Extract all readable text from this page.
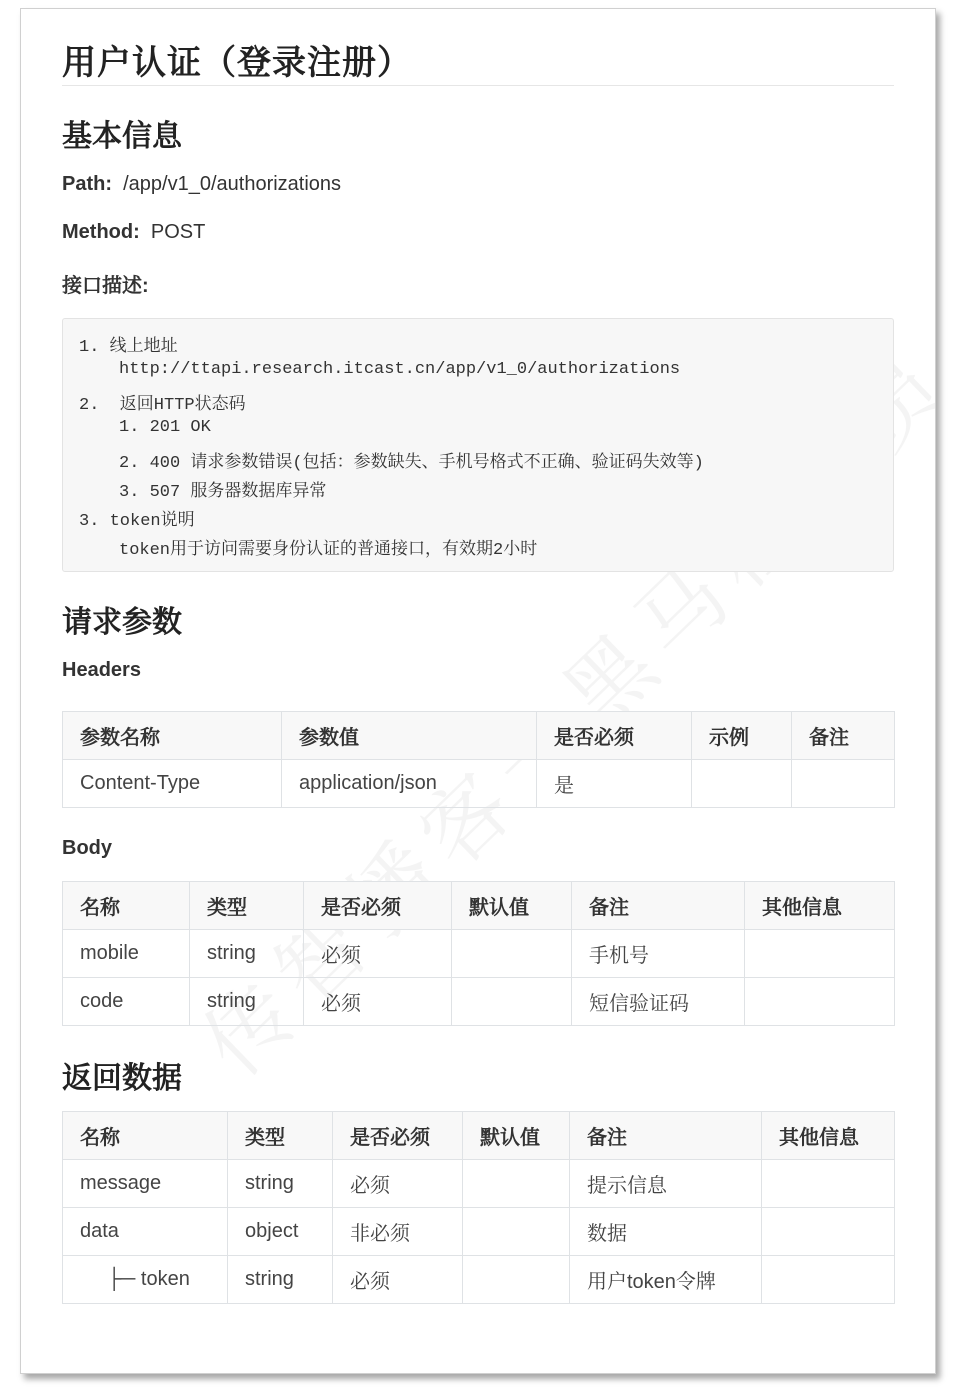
用户认证（登录注册）
基本信息

Path: /app/v1_0/authorizations

Method: POST

接口描述:

1. 线上地址
http://ttapi.research.itcast.cn/app/v1_0/authorizations
2.  返回HTTP状态码
1. 201 OK
2. 400 请求参数错误(包括：参数缺失、手机号格式不正确、验证码失效等)
3. 507 服务器数据库异常
3. token说明
token用于访问需要身份认证的普通接口，有效期2小时
请求参数

Headers

参数名称	参数值	是否必须	示例	备注
Content-Type	application/json	是		

Body

名称	类型	是否必须	默认值	备注	其他信息
mobile	string	必须		手机号	
code	string	必须		短信验证码	
返回数据
名称	类型	是否必须	默认值	备注	其他信息
message	string	必须		提示信息	
data	object	非必须		数据	
├─ token	string	必须		用户token令牌	
